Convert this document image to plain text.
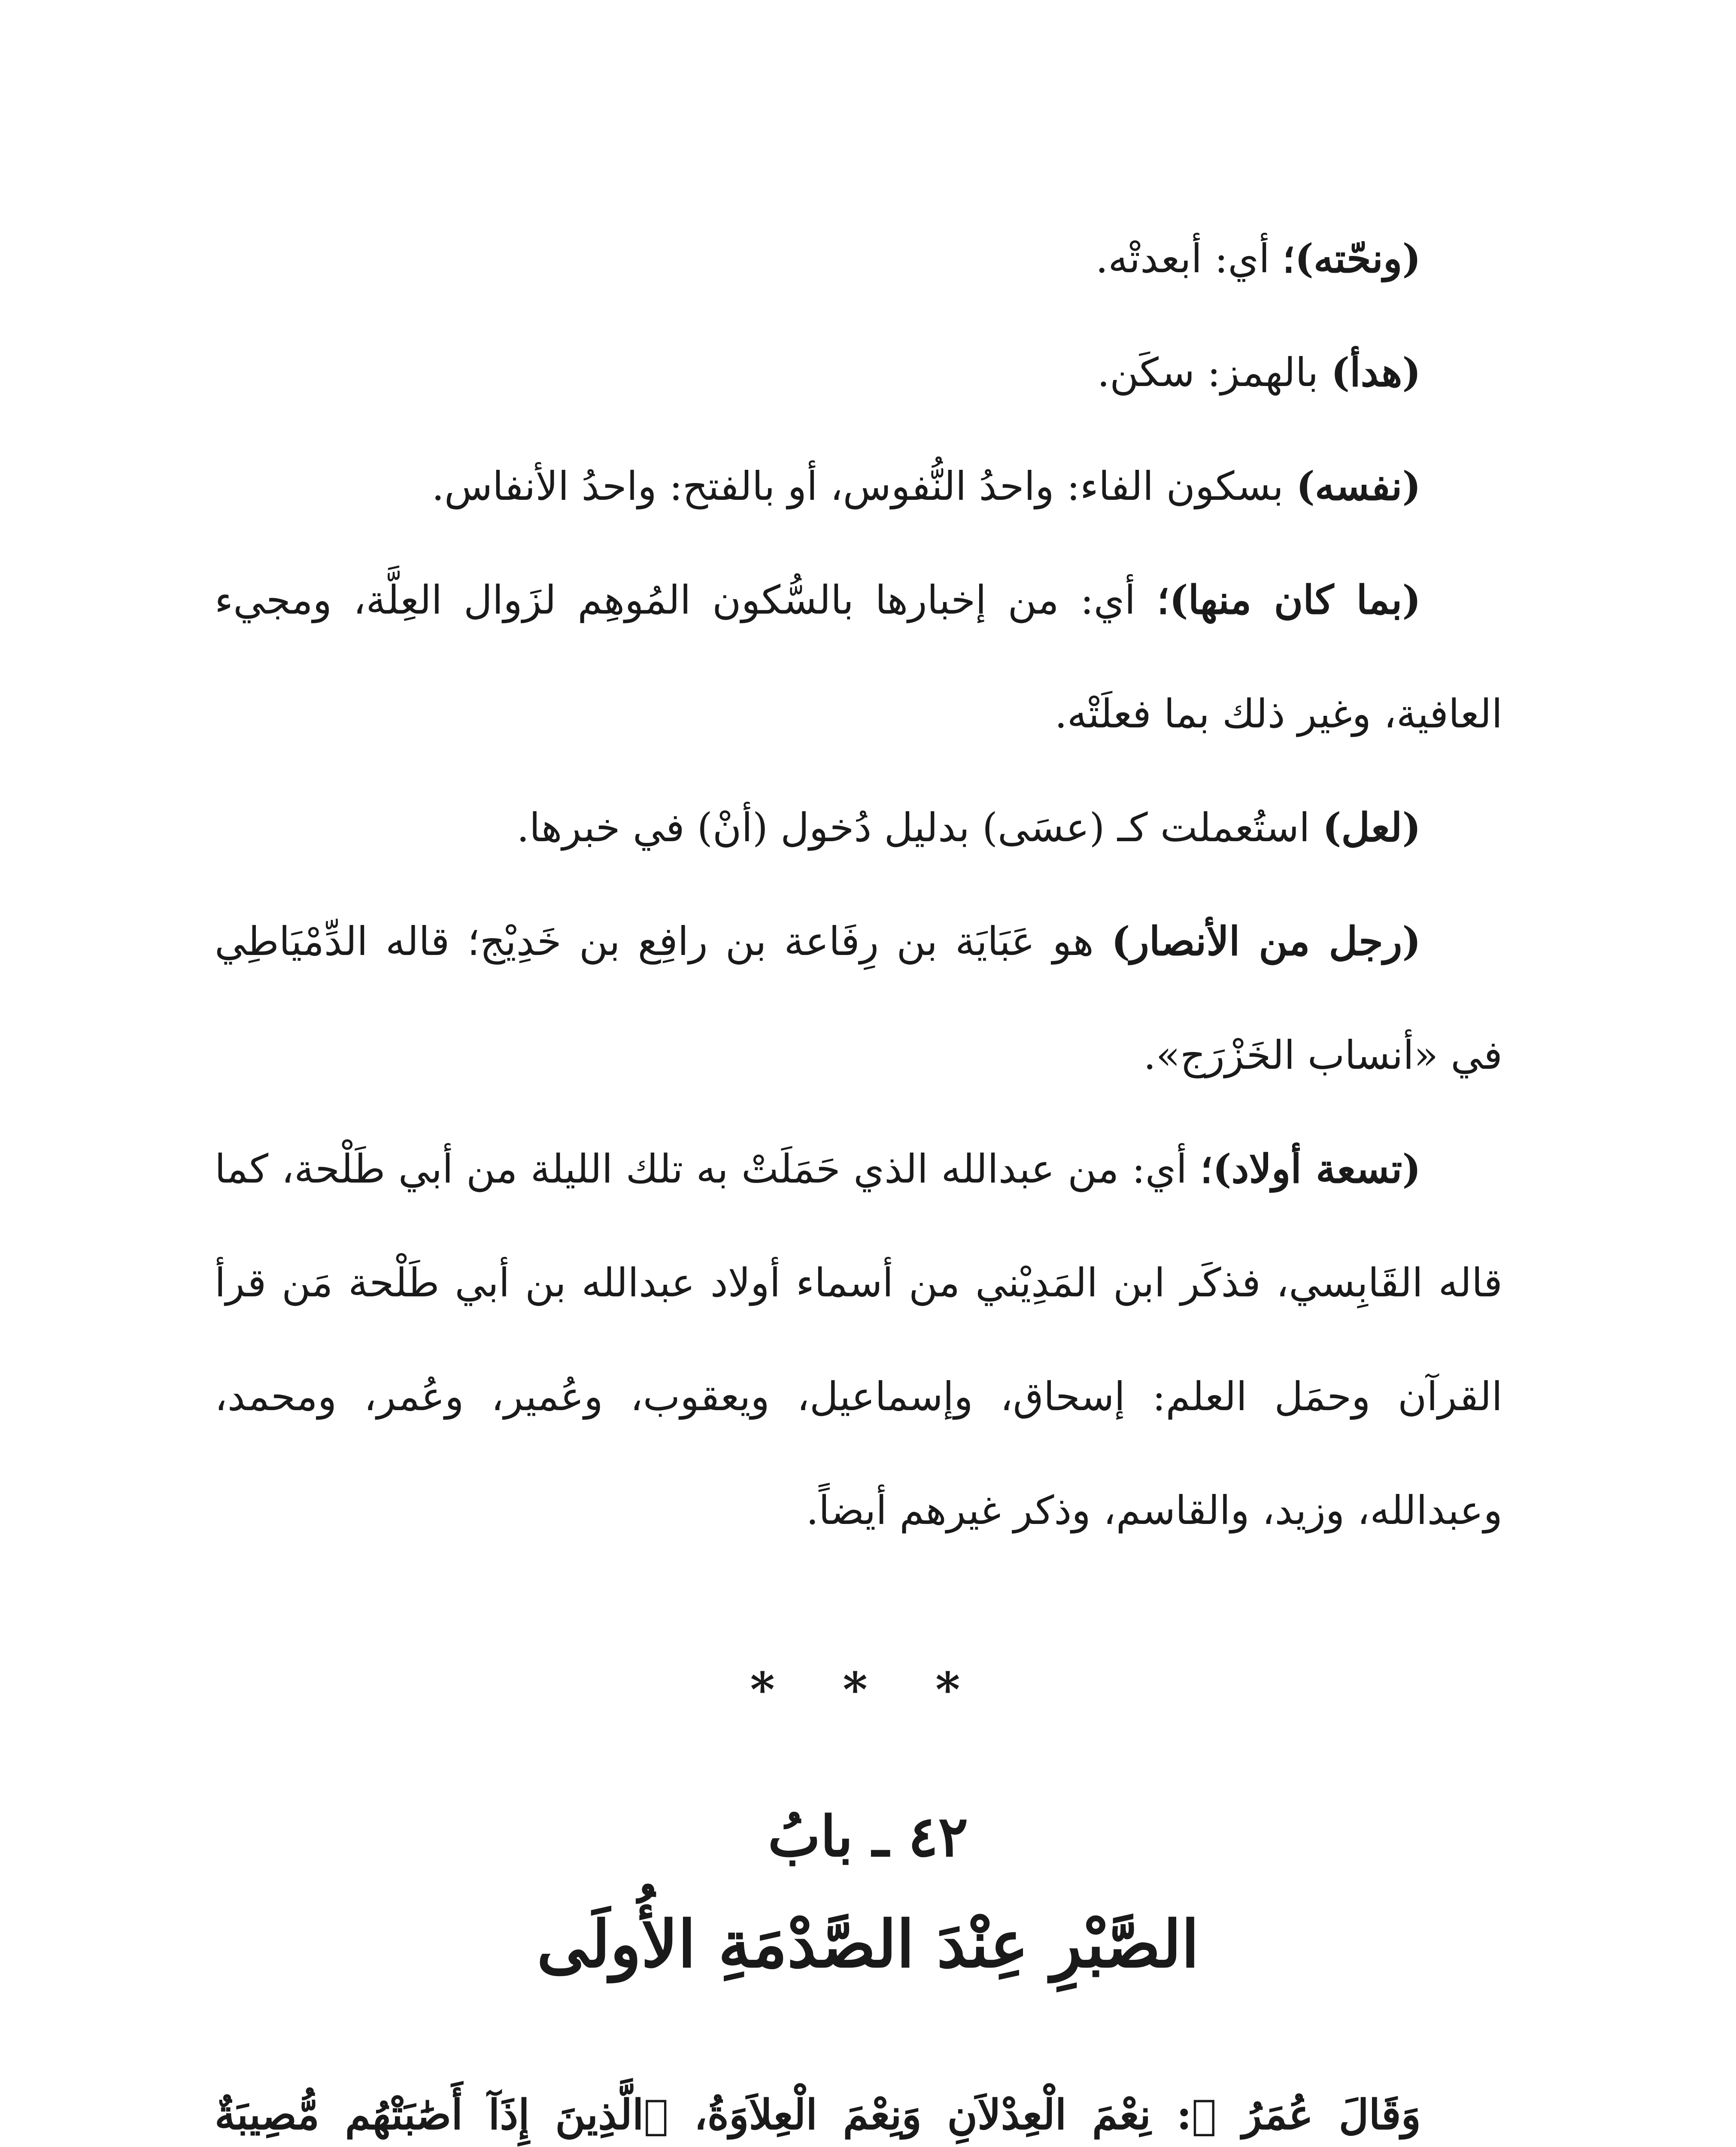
(ونحّته)؛ أي: أبعدتْه.

(هدأ) بالهمز: سكَن.

(نفسه) بسكون الفاء: واحدُ النُّفوس، أو بالفتح: واحدُ الأنفاس.

(بما كان منها)؛ أي: من إخبارها بالسُّكون المُوهِم لزَوال العِلَّة، ومجيء العافية، وغير ذلك بما فعلَتْه.

(لعل) استُعملت كـ (عسَى) بدليل دُخول (أنْ) في خبرها.

(رجل من الأنصار) هو عَبَايَة بن رِفَاعة بن رافِع بن خَدِيْج؛ قاله الدِّمْيَاطِي في «أنساب الخَزْرَج».

(تسعة أولاد)؛ أي: من عبدالله الذي حَمَلَتْ به تلك الليلة من أبي طَلْحة، كما قاله القَابِسي، فذكَر ابن المَدِيْني من أسماء أولاد عبدالله بن أبي طَلْحة مَن قرأ القرآن وحمَل العلم: إسحاق، وإسماعيل، ويعقوب، وعُمير، وعُمر، ومحمد، وعبدالله، وزيد، والقاسم، وذكر غيرهم أيضاً.

* * *
٤٢ ـ بابُ
الصَّبْرِ عِنْدَ الصَّدْمَةِ الأُولَى

وَقَالَ عُمَرُ ﷺ: نِعْمَ الْعِدْلاَنِ وَنِعْمَ الْعِلاَوَةُ، ﴿الَّذِينَ إِذَآ أَصَٰبَتْهُم مُّصِيبَةٌ
